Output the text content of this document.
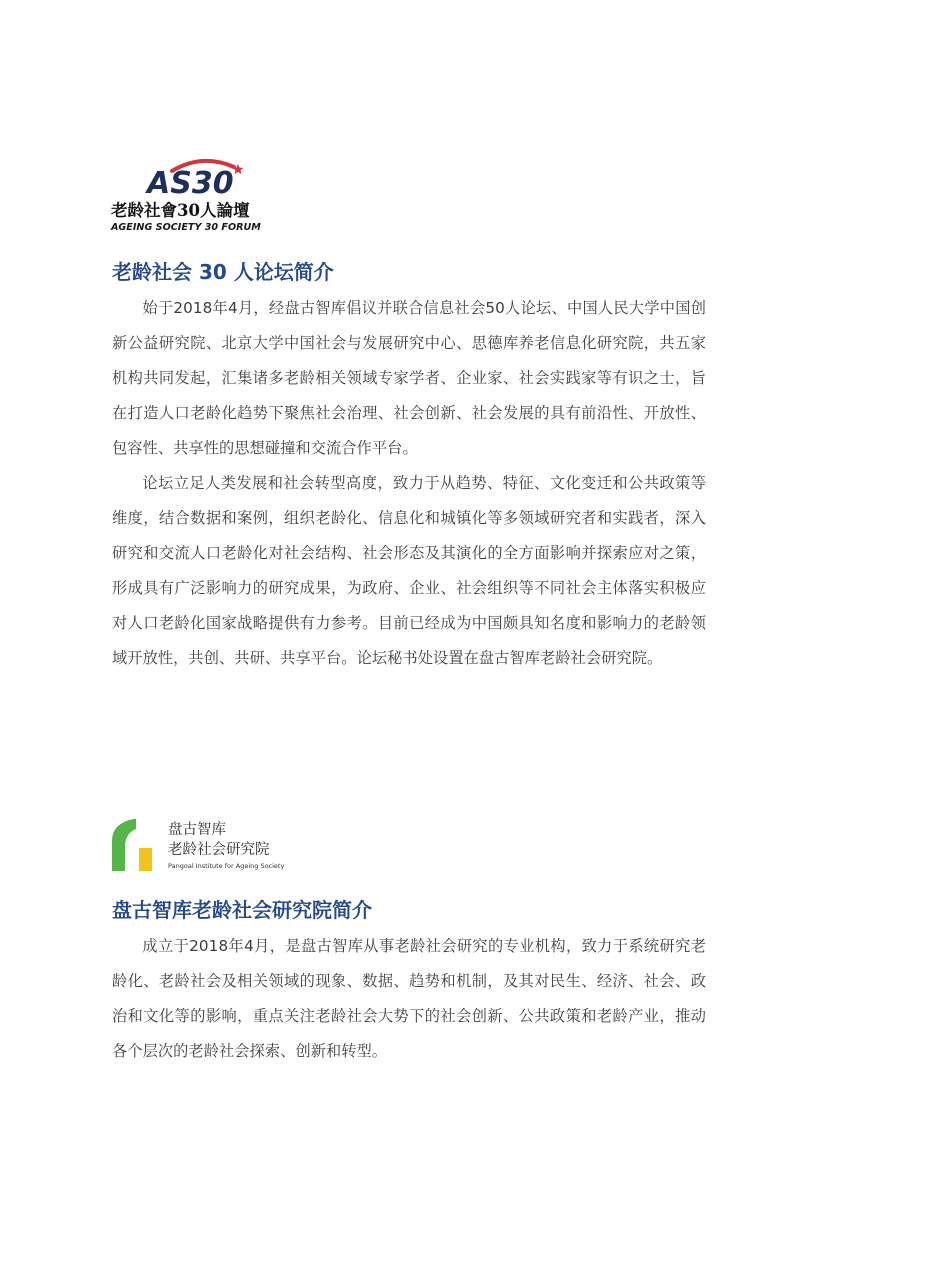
AS30
老龄社會30人論壇
AGEING SOCIETY 30 FORUM
老龄社会 30 人论坛简介

始于2018年4月，经盘古智库倡议并联合信息社会50人论坛、中国人民大学中国创新公益研究院、北京大学中国社会与发展研究中心、思德库养老信息化研究院，共五家机构共同发起，汇集诸多老龄相关领域专家学者、企业家、社会实践家等有识之士，旨在打造人口老龄化趋势下聚焦社会治理、社会创新、社会发展的具有前沿性、开放性、包容性、共享性的思想碰撞和交流合作平台。

论坛立足人类发展和社会转型高度，致力于从趋势、特征、文化变迁和公共政策等维度，结合数据和案例，组织老龄化、信息化和城镇化等多领域研究者和实践者，深入研究和交流人口老龄化对社会结构、社会形态及其演化的全方面影响并探索应对之策，形成具有广泛影响力的研究成果，为政府、企业、社会组织等不同社会主体落实积极应对人口老龄化国家战略提供有力参考。目前已经成为中国颇具知名度和影响力的老龄领域开放性，共创、共研、共享平台。论坛秘书处设置在盘古智库老龄社会研究院。

盘古智库
老龄社会研究院
Pangoal Institute for Ageing Society
盘古智库老龄社会研究院简介

成立于2018年4月，是盘古智库从事老龄社会研究的专业机构，致力于系统研究老龄化、老龄社会及相关领域的现象、数据、趋势和机制，及其对民生、经济、社会、政治和文化等的影响，重点关注老龄社会大势下的社会创新、公共政策和老龄产业，推动各个层次的老龄社会探索、创新和转型。
